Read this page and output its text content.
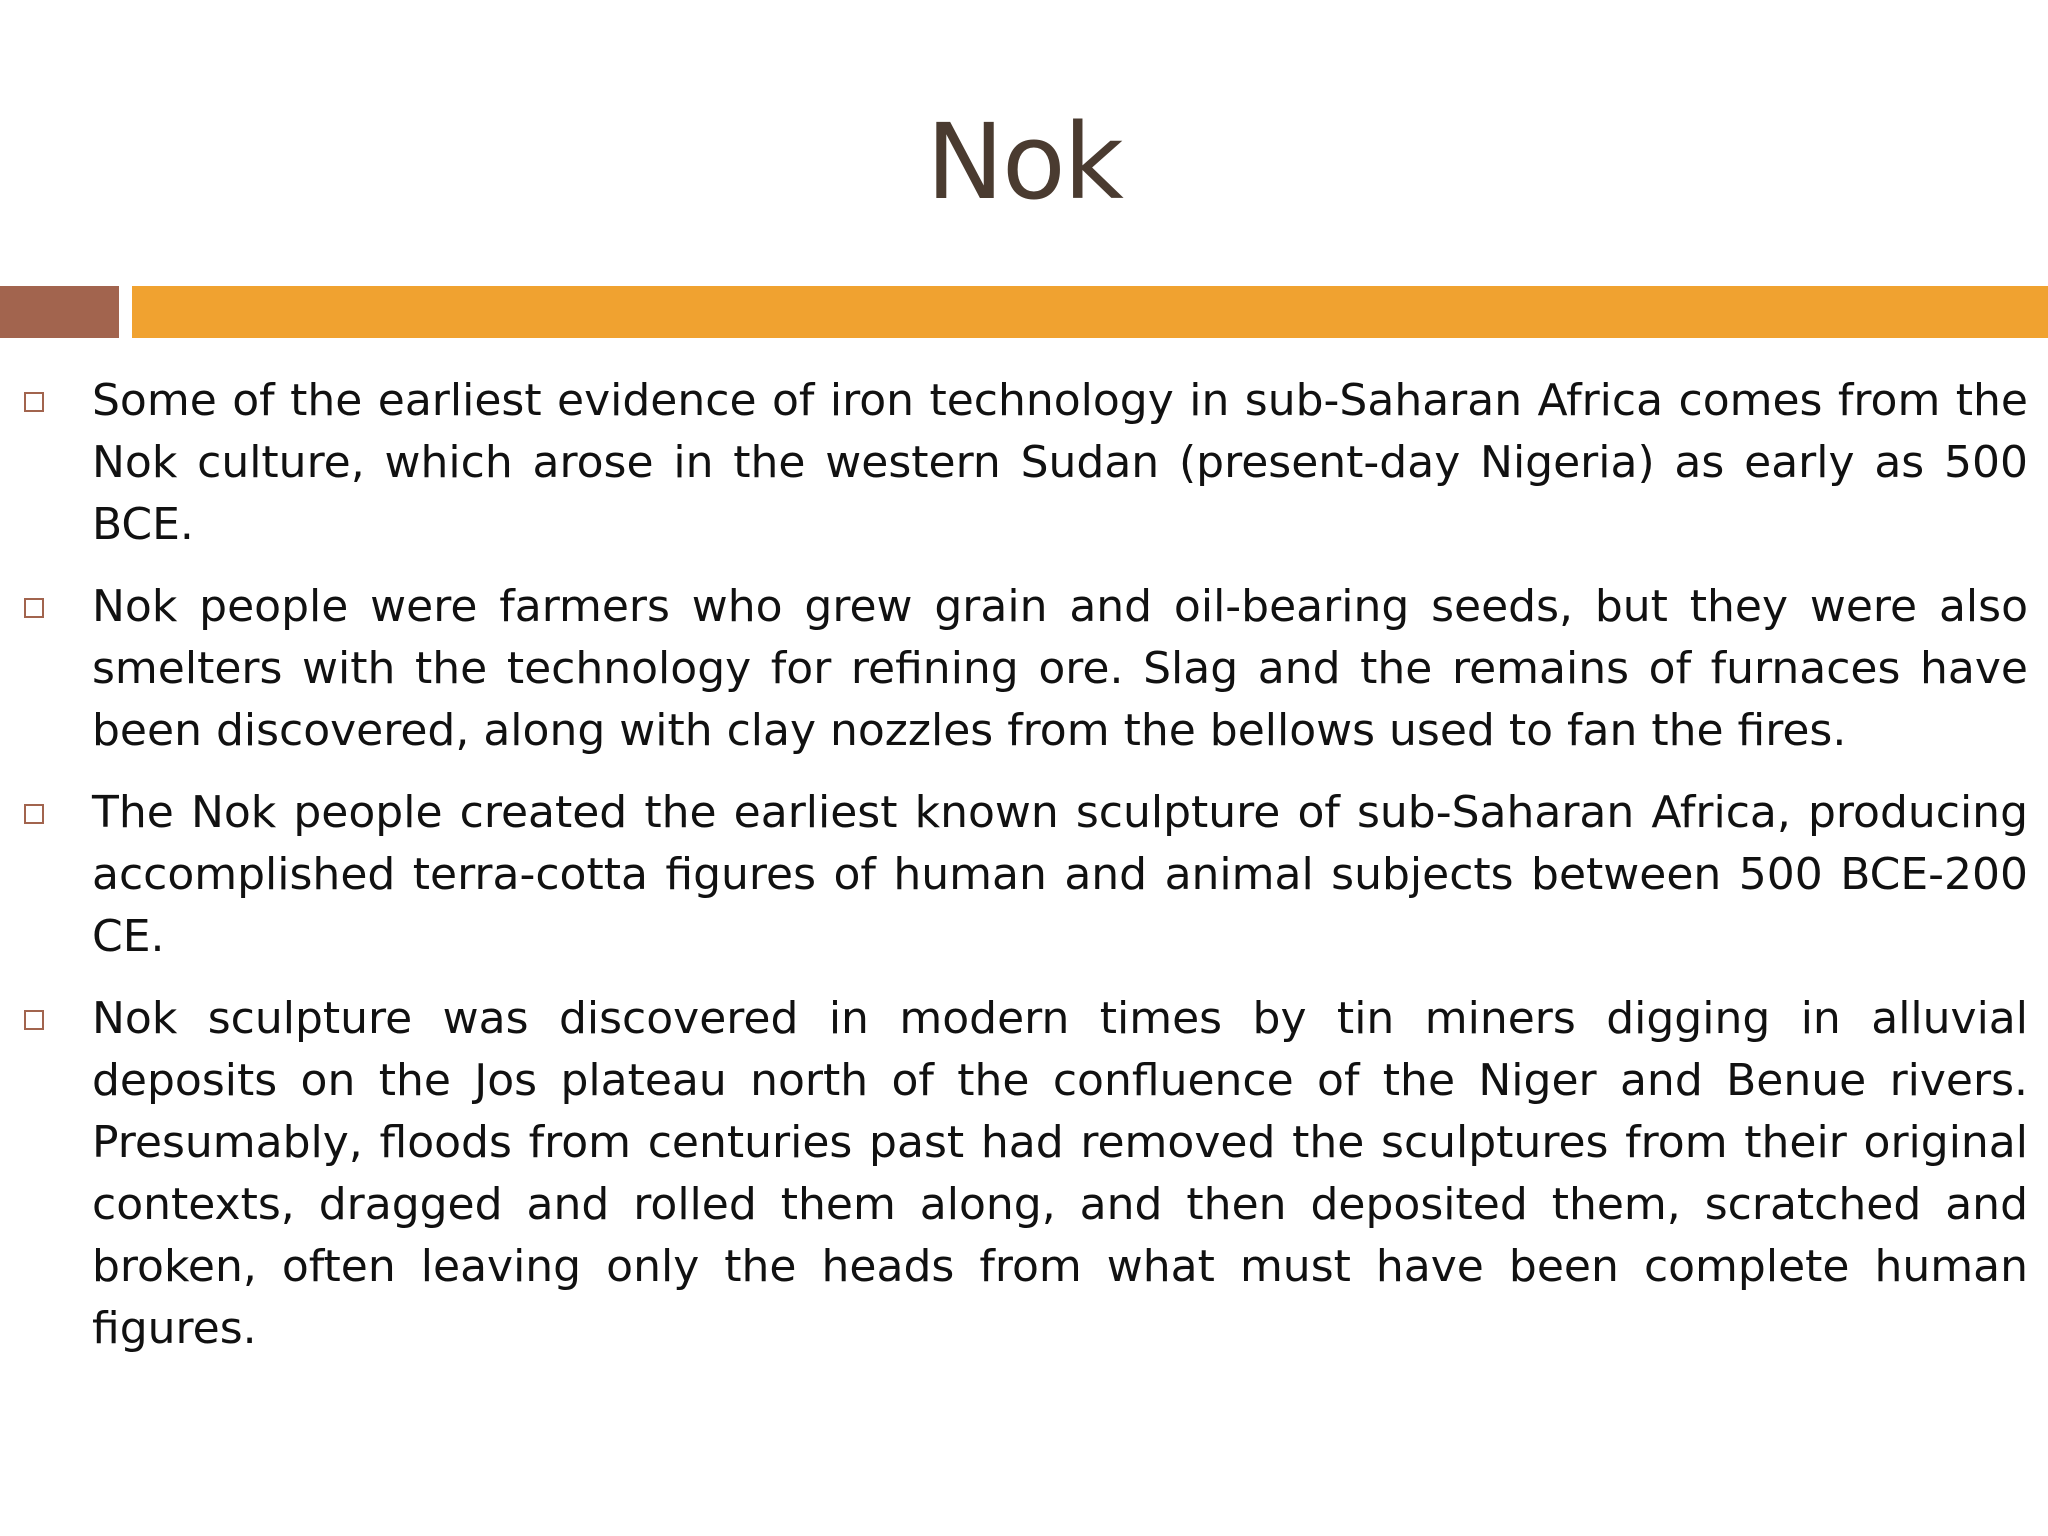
Nok
Some of the earliest evidence of iron technology in sub-Saharan Africa comes from the Nok culture, which arose in the western Sudan (present-day Nigeria) as early as 500 BCE.
Nok people were farmers who grew grain and oil-bearing seeds, but they were also smelters with the technology for refining ore. Slag and the remains of furnaces have been discovered, along with clay nozzles from the bellows used to fan the fires.
The Nok people created the earliest known sculpture of sub-Saharan Africa, producing accomplished terra-cotta figures of human and animal subjects between 500 BCE-200 CE.
Nok sculpture was discovered in modern times by tin miners digging in alluvial deposits on the Jos plateau north of the confluence of the Niger and Benue rivers. Presumably, floods from centuries past had removed the sculptures from their original contexts, dragged and rolled them along, and then deposited them, scratched and broken, often leaving only the heads from what must have been complete human figures.
